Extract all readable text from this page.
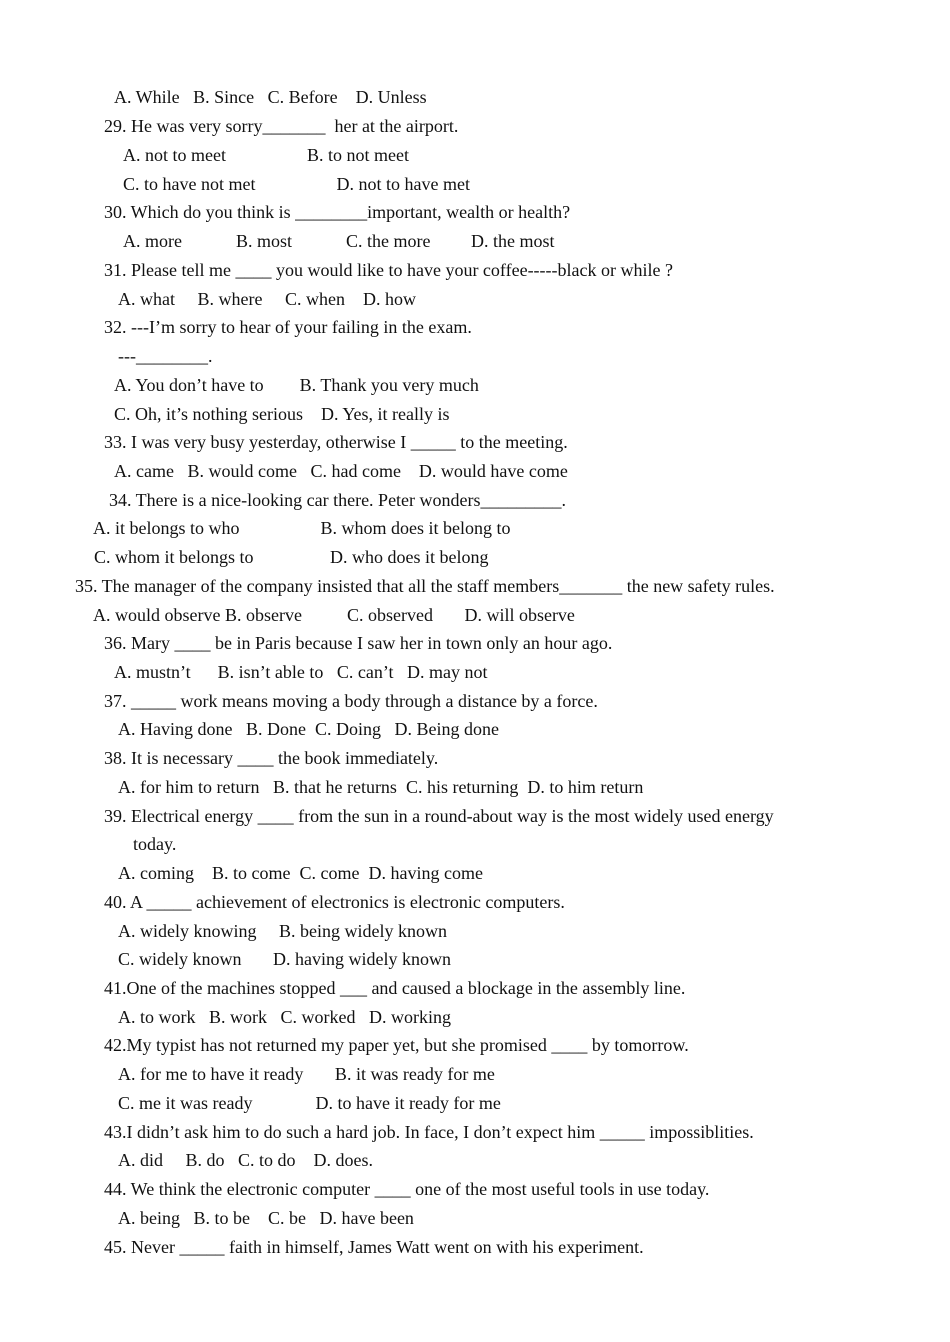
A. While   B. Since   C. Before    D. Unless
29. He was very sorry_______  her at the airport.
A. not to meet                  B. to not meet
C. to have not met                  D. not to have met
30. Which do you think is ________important, wealth or health?
A. more            B. most            C. the more         D. the most
31. Please tell me ____ you would like to have your coffee-----black or while ?
A. what     B. where     C. when    D. how
32. ---I’m sorry to hear of your failing in the exam.
---________.
A. You don’t have to        B. Thank you very much
C. Oh, it’s nothing serious    D. Yes, it really is
33. I was very busy yesterday, otherwise I _____ to the meeting.
A. came   B. would come   C. had come    D. would have come
34. There is a nice-looking car there. Peter wonders_________.
A. it belongs to who                  B. whom does it belong to
C. whom it belongs to                 D. who does it belong
35. The manager of the company insisted that all the staff members_______ the new safety rules.
A. would observe B. observe          C. observed       D. will observe
36. Mary ____ be in Paris because I saw her in town only an hour ago.
A. mustn’t      B. isn’t able to   C. can’t   D. may not
37. _____ work means moving a body through a distance by a force.
A. Having done   B. Done  C. Doing   D. Being done
38. It is necessary ____ the book immediately.
A. for him to return   B. that he returns  C. his returning  D. to him return
39. Electrical energy ____ from the sun in a round-about way is the most widely used energy
today.
A. coming    B. to come  C. come  D. having come
40. A _____ achievement of electronics is electronic computers.
A. widely knowing     B. being widely known
C. widely known       D. having widely known
41.One of the machines stopped ___ and caused a blockage in the assembly line.
A. to work   B. work   C. worked   D. working
42.My typist has not returned my paper yet, but she promised ____ by tomorrow.
A. for me to have it ready       B. it was ready for me
C. me it was ready              D. to have it ready for me
43.I didn’t ask him to do such a hard job. In face, I don’t expect him _____ impossiblities.
A. did     B. do   C. to do    D. does.
44. We think the electronic computer ____ one of the most useful tools in use today.
A. being   B. to be    C. be   D. have been
45. Never _____ faith in himself, James Watt went on with his experiment.
